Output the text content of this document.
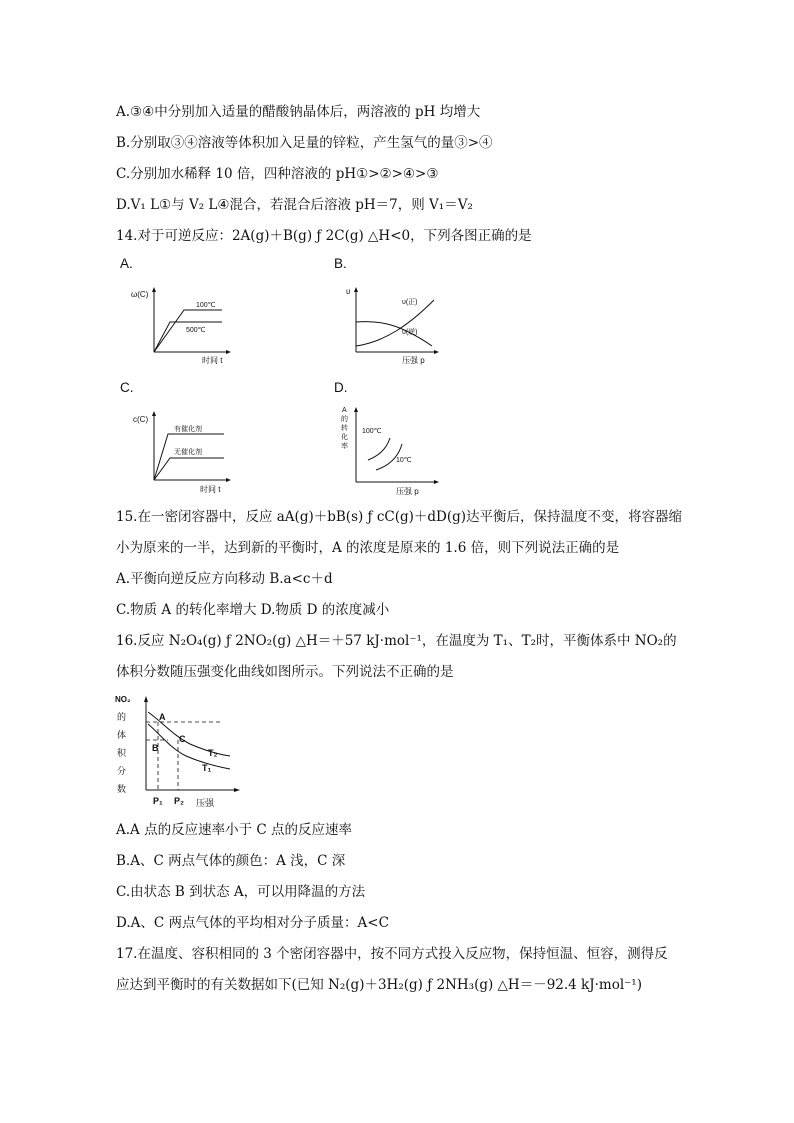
A.③④中分别加入适量的醋酸钠晶体后，两溶液的 pH 均增大
B.分别取③④溶液等体积加入足量的锌粒，产生氢气的量③>④
C.分别加水稀释 10 倍，四种溶液的 pH①>②>④>③
D.V₁ L①与 V₂ L④混合，若混合后溶液 pH＝7，则 V₁＝V₂
14.对于可逆反应：2A(g)＋B(g) ƒ 2C(g) △H<0，下列各图正确的是
A.	B.
C.	D.
ω(C)
时间 t
100℃
500℃
υ
压强 p
υ(正)
υ(逆)
c(C)
时间 t
有催化剂
无催化剂
A
的
转
化
率
压强 p
100℃
10℃
15.在一密闭容器中，反应 aA(g)＋bB(s) ƒ cC(g)＋dD(g)达平衡后，保持温度不变，将容器缩
小为原来的一半，达到新的平衡时，A 的浓度是原来的 1.6 倍，则下列说法正确的是
A.平衡向逆反应方向移动 B.a<c＋d
C.物质 A 的转化率增大 D.物质 D 的浓度减小
16.反应 N₂O₄(g) ƒ 2NO₂(g) △H＝＋57 kJ·mol⁻¹，在温度为 T₁、T₂时，平衡体系中 NO₂的
体积分数随压强变化曲线如图所示。下列说法不正确的是
NO₂
的
体
积
分
数
A
B
C
T₂
T₁
P₁ P₂ 压强
A.A 点的反应速率小于 C 点的反应速率
B.A、C 两点气体的颜色：A 浅，C 深
C.由状态 B 到状态 A，可以用降温的方法
D.A、C 两点气体的平均相对分子质量：A<C
17.在温度、容积相同的 3 个密闭容器中，按不同方式投入反应物，保持恒温、恒容，测得反
应达到平衡时的有关数据如下(已知 N₂(g)＋3H₂(g) ƒ 2NH₃(g) △H＝－92.4 kJ·mol⁻¹)
